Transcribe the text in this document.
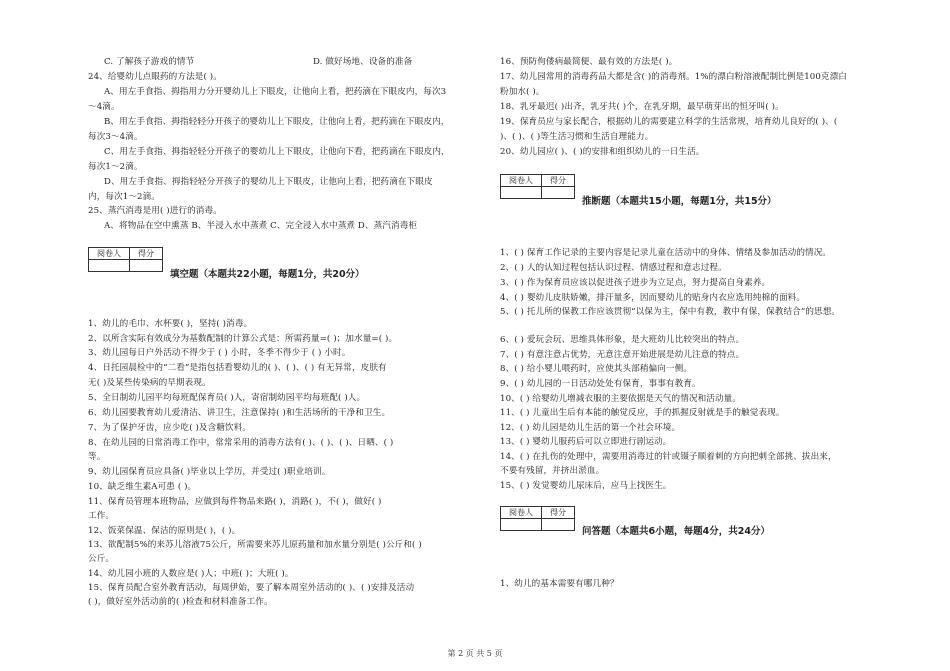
C. 了解孩子游戏的情节	D. 做好场地、设备的准备
24、给婴幼儿点眼药的方法是( )。
A、用左手食指、拇指用力分开婴幼儿上下眼皮，让他向上看，把药滴在下眼皮内，每次3
～4滴。
B、用左手食指、拇指轻轻分开孩子的婴幼儿上下眼皮，让他向上看，把药滴在下眼皮内，
每次3～4滴。
C、用左手食指、拇指轻轻分开孩子的婴幼儿上下眼皮，让他向下看，把药滴在下眼皮内，
每次1～2滴。
D、用左手食指、拇指轻轻分开孩子的婴幼儿上下眼皮，让他向上看，把药滴在下眼皮
内，每次1～2滴。
25、蒸汽消毒是用( )进行的消毒。
A、将物品在空中熏蒸 B、半浸入水中蒸煮 C、完全浸入水中蒸煮 D、蒸汽消毒柜
阅卷人	得分

填空题（本题共22小题，每题1分，共20分）
1、幼儿的毛巾、水杯要( )，坚持( )消毒。
2、以所含实际有效成分为基数配制的计算公式是：所需药量=( )；加水量=( )。
3、幼儿园每日户外活动不得少于 ( ) 小时，冬季不得少于 ( ) 小时。
4、日托园晨检中的“二看”是指包括看婴幼儿的( )、( )、( ) 有无异常，皮肤有
无( )及某些传染病的早期表现。
5、全日制幼儿园平均每班配保育员( )人，寄宿制幼园平均每班配( )人。
6、幼儿园要教育幼儿爱清洁、讲卫生，注意保持( )和生活场所的干净和卫生。
7、为了保护牙齿，应少吃( )及含糖饮料。
8、在幼儿园的日常消毒工作中，常常采用的消毒方法有( )、( )、( )、日晒、( )
等。
9、幼儿园保育员应具备( )毕业以上学历，并受过( )职业培训。
10、缺乏维生素A可患 ( )。
11、保育员管理本班物品，应做到每件物品来路( )，消路( )，不( )，做好( )
工作。
12、饭菜保温、保洁的原则是( )，( )。
13、欲配制5%的来苏儿溶液75公斤，所需要来苏儿原药量和加水量分别是( )公斤和( )
公斤。
14、幼儿园小班的人数应是( )人；中班( )；大班( )。
15、保育员配合室外教育活动，每周伊始，要了解本周室外活动的( )、( )安排及活动
( )，做好室外活动前的( )检查和材料准备工作。
16、预防佝偻病最简便、最有效的方法是( )。
17、幼儿园常用的消毒药品大都是含( )的消毒剂。1%的漂白粉溶液配制比例是100克漂白
粉加水( )。
18、乳牙最迟( )出齐，乳牙共( )个，在乳牙期，最早萌芽出的恒牙叫( )。
19、保育员应与家长配合，根据幼儿的需要建立科学的生活常规，培育幼儿良好的( )、(
)、( )、( )等生活习惯和生活自理能力。
20、幼儿园应( )、( )的安排和组织幼儿的一日生活。
阅卷人	得分

推断题（本题共15小题，每题1分，共15分）
1、( ) 保育工作记录的主要内容是记录儿童在活动中的身体、情绪及参加活动的情况。
2、( ) 人的认知过程包括认识过程、情感过程和意志过程。
3、( ) 作为保育员应该以促进孩子进步为立足点，努力提高自身素养。
4、( ) 婴幼儿皮肤娇嫩，排汗量多，因而婴幼儿的贴身内衣应选用纯棉的面料。
5、( ) 托儿所的保教工作应该贯彻“以保为主，保中有教，教中有保，保教结合”的思想。
6、( ) 爱玩会玩、思维具体形象，是大班幼儿比较突出的特点。
7、( ) 有意注意占优势，无意注意开始进展是幼儿注意的特点。
8、( ) 给小婴儿喂药时，应使其头部稍偏向一侧。
9、( ) 幼儿园的一日活动处处有保育，事事有教育。
10、( ) 给婴幼儿增减衣服的主要依据是天气的情况和活动量。
11、( ) 儿童出生后有本能的触觉反应，手的抓握反射就是手的触觉表现。
12、( ) 幼儿园是幼儿生活的第一个社会环境。
13、( ) 婴幼儿服药后可以立即进行剧运动。
14、( ) 在扎伤的处理中，需要用消毒过的针或镊子顺着刺的方向把刺全部挑、拔出来，
不要有残留，并挤出淤血。
15、( ) 发觉婴幼儿尿床后，应马上找医生。
阅卷人	得分

问答题（本题共6小题，每题4分，共24分）
1、幼儿的基本需要有哪几种？
第 2 页 共 5 页
